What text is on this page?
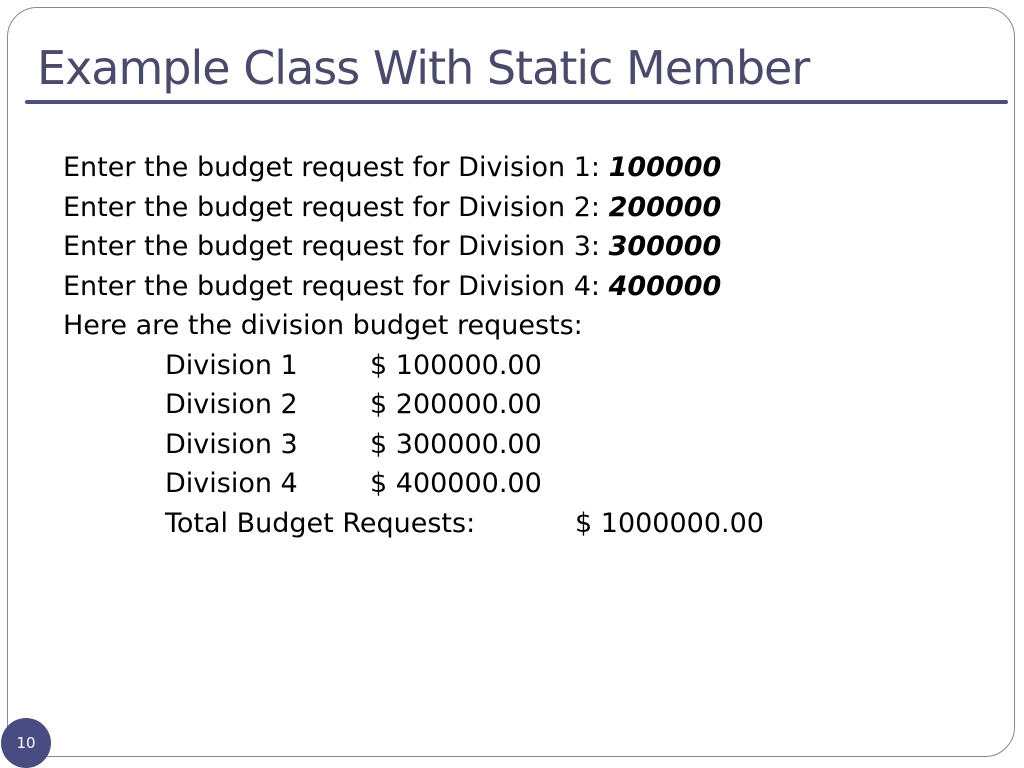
Example Class With Static Member
Enter the budget request for Division 1: 100000
Enter the budget request for Division 2: 200000
Enter the budget request for Division 3: 300000
Enter the budget request for Division 4: 400000
Here are the division budget requests:
Division 1	$ 100000.00
Division 2	$ 200000.00
Division 3	$ 300000.00
Division 4	$ 400000.00
Total Budget Requests:	$ 1000000.00
10
